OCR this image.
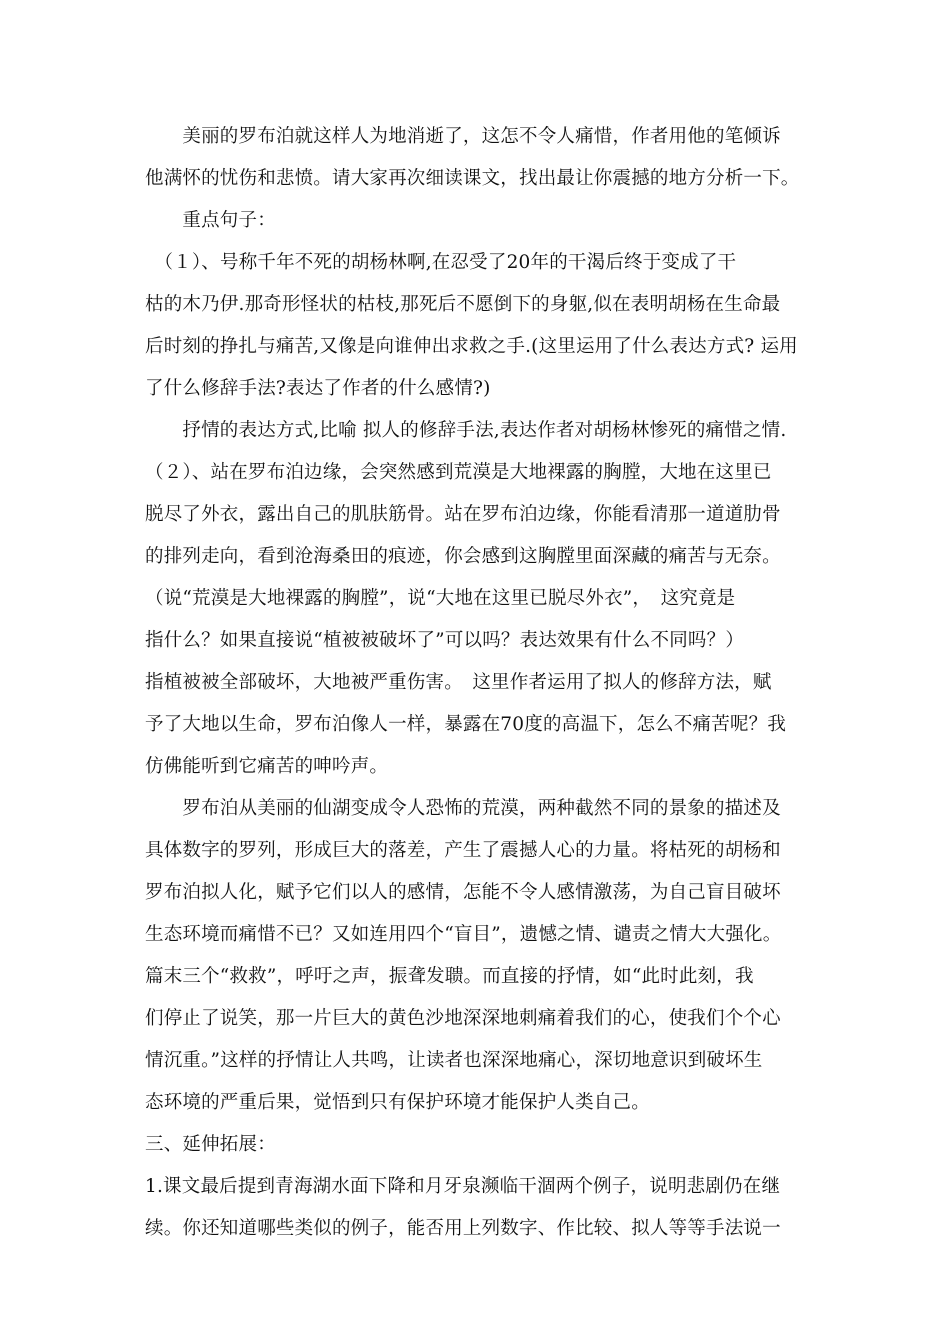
　　美丽的罗布泊就这样人为地消逝了，这怎不令人痛惜，作者用他的笔倾诉
他满怀的忧伤和悲愤。请大家再次细读课文，找出最让你震撼的地方分析一下。
　　重点句子：
　（１）、号称千年不死的胡杨林啊,在忍受了20年的干渴后终于变成了干
枯的木乃伊.那奇形怪状的枯枝,那死后不愿倒下的身躯,似在表明胡杨在生命最
后时刻的挣扎与痛苦,又像是向谁伸出求救之手.(这里运用了什么表达方式? 运用
了什么修辞手法?表达了作者的什么感情?)
　　抒情的表达方式,比喻 拟人的修辞手法,表达作者对胡杨林惨死的痛惜之情.
（２）、站在罗布泊边缘，会突然感到荒漠是大地裸露的胸膛，大地在这里已
脱尽了外衣，露出自己的肌肤筋骨。站在罗布泊边缘，你能看清那一道道肋骨
的排列走向，看到沧海桑田的痕迹，你会感到这胸膛里面深藏的痛苦与无奈。
（说“荒漠是大地裸露的胸膛”，说“大地在这里已脱尽外衣”，　这究竟是
指什么？如果直接说“植被被破坏了”可以吗？表达效果有什么不同吗？）
指植被被全部破坏，大地被严重伤害。　这里作者运用了拟人的修辞方法，赋
予了大地以生命，罗布泊像人一样，暴露在70度的高温下，怎么不痛苦呢？我
仿佛能听到它痛苦的呻吟声。
　　罗布泊从美丽的仙湖变成令人恐怖的荒漠，两种截然不同的景象的描述及
具体数字的罗列，形成巨大的落差，产生了震撼人心的力量。将枯死的胡杨和
罗布泊拟人化，赋予它们以人的感情，怎能不令人感情激荡，为自己盲目破坏
生态环境而痛惜不已？又如连用四个“盲目”，遗憾之情、谴责之情大大强化。
篇末三个“救救”，呼吁之声，振聋发聩。而直接的抒情，如“此时此刻，我
们停止了说笑，那一片巨大的黄色沙地深深地刺痛着我们的心，使我们个个心
情沉重。”这样的抒情让人共鸣，让读者也深深地痛心，深切地意识到破坏生
态环境的严重后果，觉悟到只有保护环境才能保护人类自己。
三、延伸拓展：
1.课文最后提到青海湖水面下降和月牙泉濒临干涸两个例子，说明悲剧仍在继
续。你还知道哪些类似的例子，能否用上列数字、作比较、拟人等等手法说一
